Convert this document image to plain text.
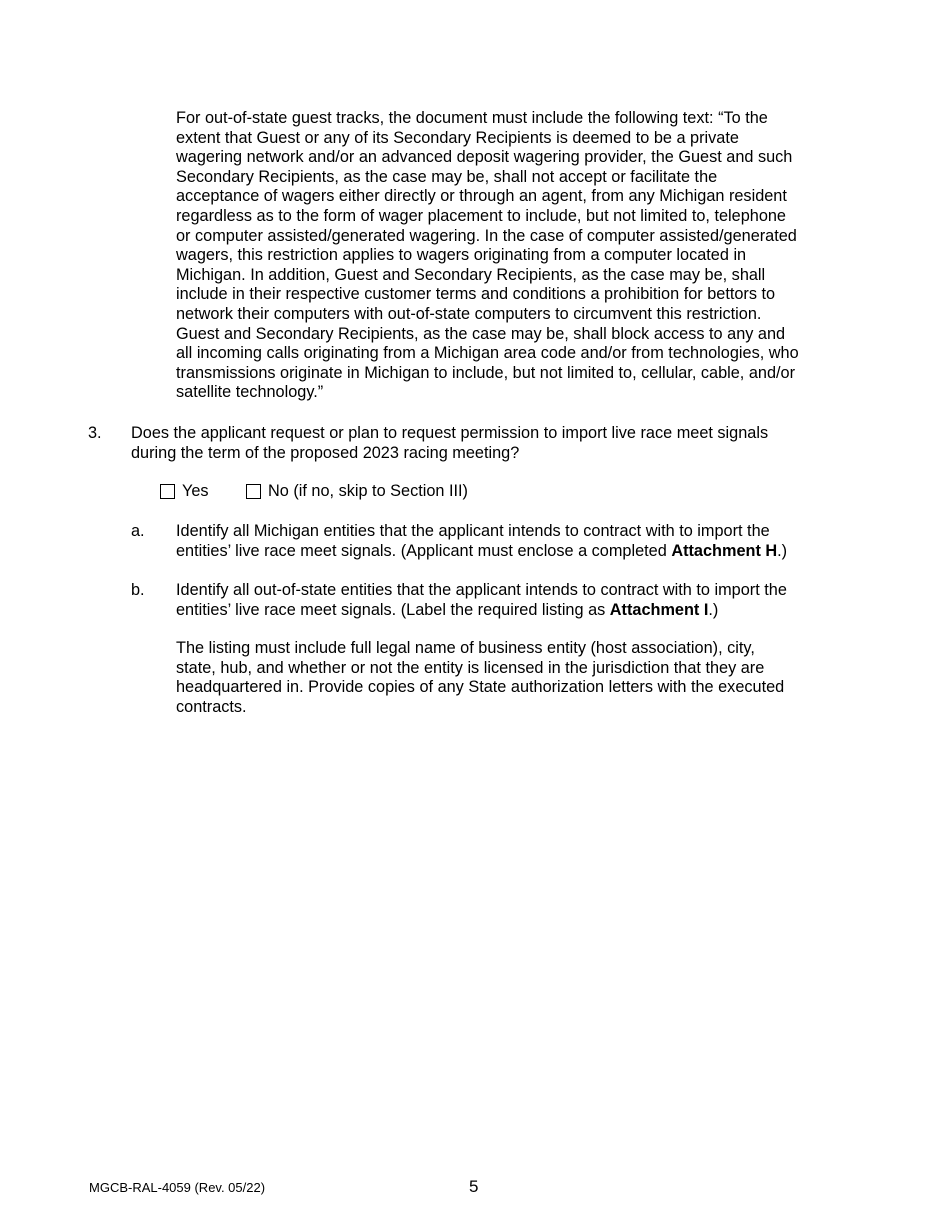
For out-of-state guest tracks, the document must include the following text: “To the
extent that Guest or any of its Secondary Recipients is deemed to be a private
wagering network and/or an advanced deposit wagering provider, the Guest and such
Secondary Recipients, as the case may be, shall not accept or facilitate the
acceptance of wagers either directly or through an agent, from any Michigan resident
regardless as to the form of wager placement to include, but not limited to, telephone
or computer assisted/generated wagering. In the case of computer assisted/generated
wagers, this restriction applies to wagers originating from a computer located in
Michigan. In addition, Guest and Secondary Recipients, as the case may be, shall
include in their respective customer terms and conditions a prohibition for bettors to
network their computers with out-of-state computers to circumvent this restriction.
Guest and Secondary Recipients, as the case may be, shall block access to any and
all incoming calls originating from a Michigan area code and/or from technologies, who
transmissions originate in Michigan to include, but not limited to, cellular, cable, and/or
satellite technology.”
3. Does the applicant request or plan to request permission to import live race meet signals
during the term of the proposed 2023 racing meeting?
Yes	No (if no, skip to Section III)
a. Identify all Michigan entities that the applicant intends to contract with to import the
entities’ live race meet signals. (Applicant must enclose a completed Attachment H.)
b. Identify all out-of-state entities that the applicant intends to contract with to import the
entities’ live race meet signals. (Label the required listing as Attachment I.)
The listing must include full legal name of business entity (host association), city,
state, hub, and whether or not the entity is licensed in the jurisdiction that they are
headquartered in. Provide copies of any State authorization letters with the executed
contracts.
MGCB-RAL-4059 (Rev. 05/22)	5
